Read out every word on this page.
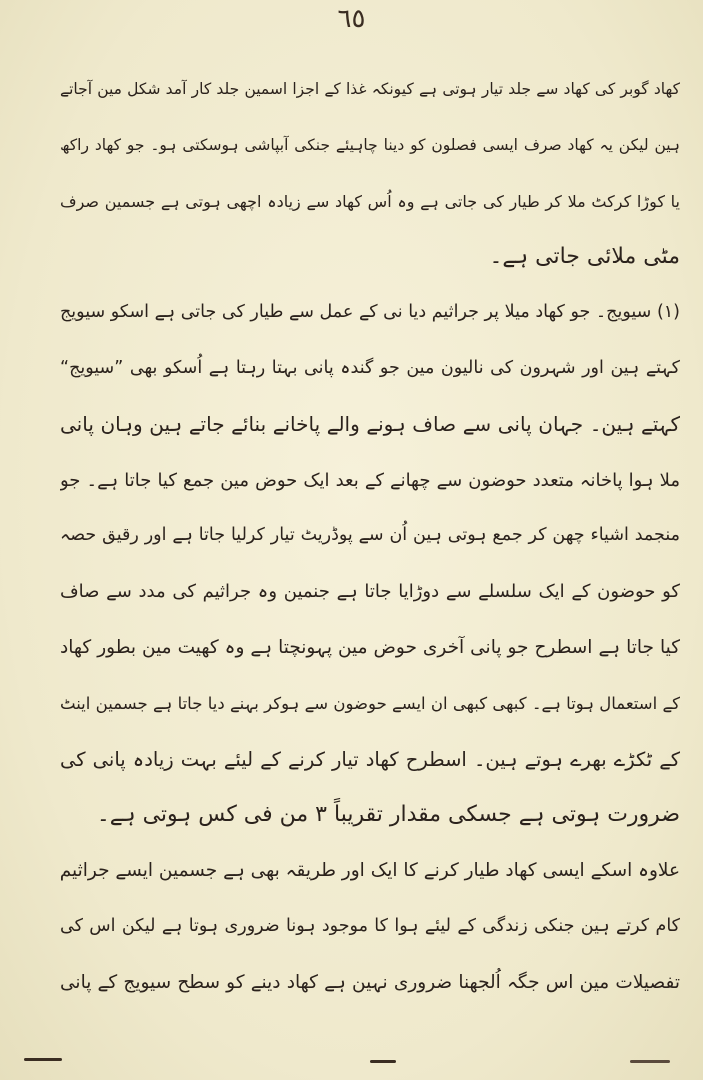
٦٥
کھاد گوبر کی کھاد سے جلد تیار ہوتی ہے کیونکہ غذا کے اجزا اسمین جلد کار آمد شکل مین آجاتے
ہین لیکن یہ کھاد صرف ایسی فصلون کو دینا چاہیئے جنکی آبپاشی ہوسکتی ہو۔ جو کھاد راکھ
یا کوڑا کرکٹ ملا کر طیار کی جاتی ہے وہ اُس کھاد سے زیادہ اچھی ہوتی ہے جسمین صرف
مٹی ملائی جاتی ہے۔
(۱) سیویج۔ جو کھاد میلا پر جراثیم دیا نی کے عمل سے طیار کی جاتی ہے اسکو سیویج
کہتے ہین اور شہرون کی نالیون مین جو گندہ پانی بہتا رہتا ہے اُسکو بھی ”سیویج“
کہتے ہین۔ جہان پانی سے صاف ہونے والے پاخانے بنائے جاتے ہین وہان پانی
ملا ہوا پاخانہ متعدد حوضون سے چھانے کے بعد ایک حوض مین جمع کیا جاتا ہے۔ جو
منجمد اشیاء چھن کر جمع ہوتی ہین اُن سے پوڈریٹ تیار کرلیا جاتا ہے اور رقیق حصہ
کو حوضون کے ایک سلسلے سے دوڑایا جاتا ہے جنمین وہ جراثیم کی مدد سے صاف
کیا جاتا ہے اسطرح جو پانی آخری حوض مین پہونچتا ہے وہ کھیت مین بطور کھاد
کے استعمال ہوتا ہے۔ کبھی کبھی ان ایسے حوضون سے ہوکر بہنے دیا جاتا ہے جسمین اینٹ
کے ٹکڑے بھرے ہوتے ہین۔ اسطرح کھاد تیار کرنے کے لیئے بہت زیادہ پانی کی
ضرورت ہوتی ہے جسکی مقدار تقریباً ۳ من فی کس ہوتی ہے۔
علاوہ اسکے ایسی کھاد طیار کرنے کا ایک اور طریقہ بھی ہے جسمین ایسے جراثیم
کام کرتے ہین جنکی زندگی کے لیئے ہوا کا موجود ہونا ضروری ہوتا ہے لیکن اس کی
تفصیلات مین اس جگہ اُلجھنا ضروری نہین ہے کھاد دینے کو سطح سیویج کے پانی
